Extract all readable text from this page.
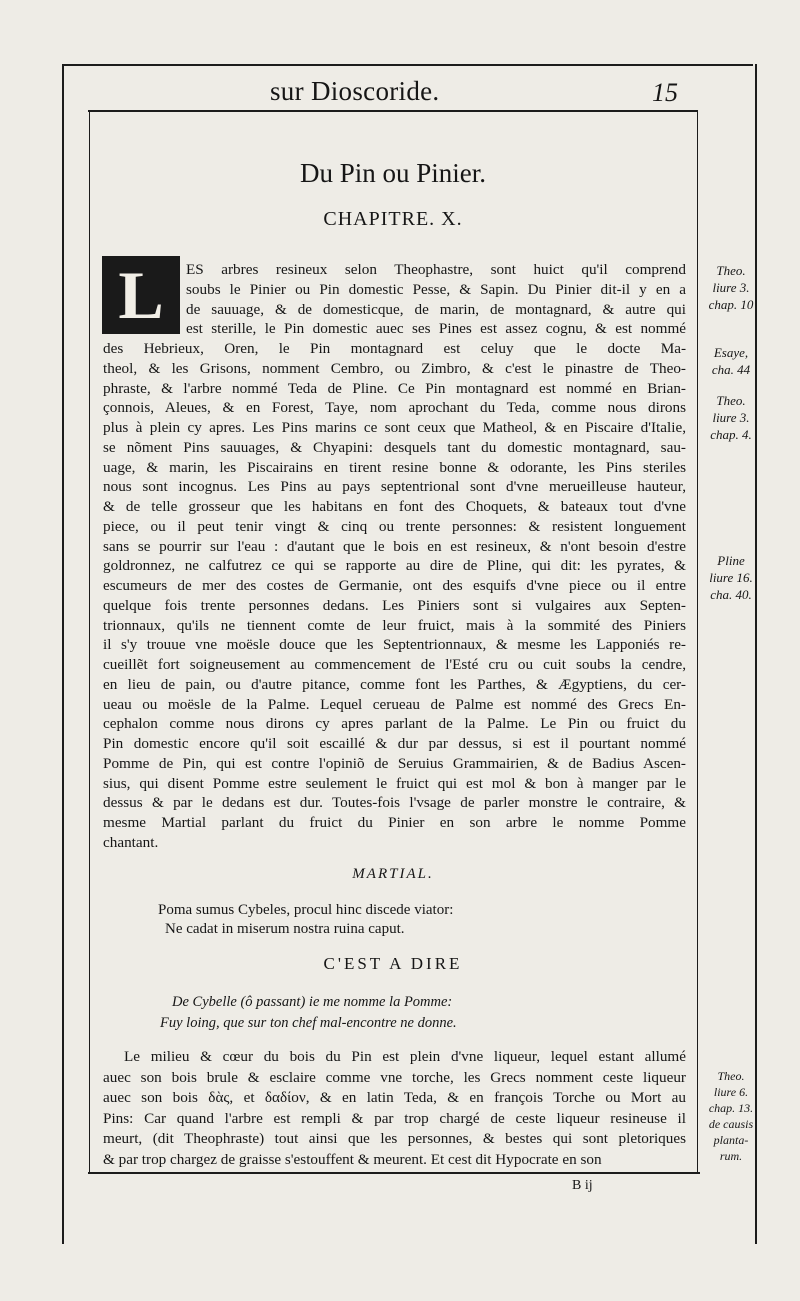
sur Dioscoride.	15
Du Pin ou Pinier.
CHAPITRE. X.
L	ES arbres resineux selon Theophastre, sont huict qu'il comprend
soubs le Pinier ou Pin domestic Pesse, & Sapin. Du Pinier dit-il y en a
de sauuage, & de domesticque, de marin, de montagnard, & autre qui
est sterille, le Pin domestic auec ses Pines est assez cognu, & est nommé
des Hebrieux, Oren, le Pin montagnard est celuy que le docte Ma-
theol, & les Grisons, nomment Cembro, ou Zimbro, & c'est le pinastre de Theo-
phraste, & l'arbre nommé Teda de Pline. Ce Pin montagnard est nommé en Brian-
çonnois, Aleues, & en Forest, Taye, nom aprochant du Teda, comme nous dirons
plus à plein cy apres. Les Pins marins ce sont ceux que Matheol, & en Piscaire d'Italie,
se nõment Pins sauuages, & Chyapini: desquels tant du domestic montagnard, sau-
uage, & marin, les Piscairains en tirent resine bonne & odorante, les Pins steriles
nous sont incognus. Les Pins au pays septentrional sont d'vne merueilleuse hauteur,
& de telle grosseur que les habitans en font des Choquets, & bateaux tout d'vne
piece, ou il peut tenir vingt & cinq ou trente personnes: & resistent longuement
sans se pourrir sur l'eau : d'autant que le bois en est resineux, & n'ont besoin d'estre
goldronnez, ne calfutrez ce qui se rapporte au dire de Pline, qui dit: les pyrates, &
escumeurs de mer des costes de Germanie, ont des esquifs d'vne piece ou il entre
quelque fois trente personnes dedans. Les Piniers sont si vulgaires aux Septen-
trionnaux, qu'ils ne tiennent comte de leur fruict, mais à la sommité des Piniers
il s'y trouue vne moësle douce que les Septentrionnaux, & mesme les Lapponiés re-
cueillẽt fort soigneusement au commencement de l'Esté cru ou cuit soubs la cendre,
en lieu de pain, ou d'autre pitance, comme font les Parthes, & Ægyptiens, du cer-
ueau ou moësle de la Palme. Lequel cerueau de Palme est nommé des Grecs En-
cephalon comme nous dirons cy apres parlant de la Palme. Le Pin ou fruict du
Pin domestic encore qu'il soit escaillé & dur par dessus, si est il pourtant nommé
Pomme de Pin, qui est contre l'opiniõ de Seruius Grammairien, & de Badius Ascen-
sius, qui disent Pomme estre seulement le fruict qui est mol & bon à manger par le
dessus & par le dedans est dur. Toutes-fois l'vsage de parler monstre le contraire, &
mesme Martial parlant du fruict du Pinier en son arbre le nomme Pomme
chantant.
MARTIAL.
Poma sumus Cybeles, procul hinc discede viator:
Ne cadat in miserum nostra ruina caput.
C'EST A DIRE
De Cybelle (ô passant) ie me nomme la Pomme:
Fuy loing, que sur ton chef mal-encontre ne donne.
Le milieu & cœur du bois du Pin est plein d'vne liqueur, lequel estant allumé
auec son bois brule & esclaire comme vne torche, les Grecs nomment ceste liqueur
auec son bois δὰς, et δαδίον, & en latin Teda, & en françois Torche ou Mort au
Pins: Car quand l'arbre est rempli & par trop chargé de ceste liqueur resineuse il
meurt, (dit Theophraste) tout ainsi que les personnes, & bestes qui sont pletoriques
& par trop chargez de graisse s'estouffent & meurent. Et cest dit Hypocrate en son
Theo.
liure 3.
chap. 10
Esaye,
cha. 44
Theo.
liure 3.
chap. 4.
Pline
liure 16.
cha. 40.
Theo.
liure 6.
chap. 13.
de causis
planta-
rum.
B ij
